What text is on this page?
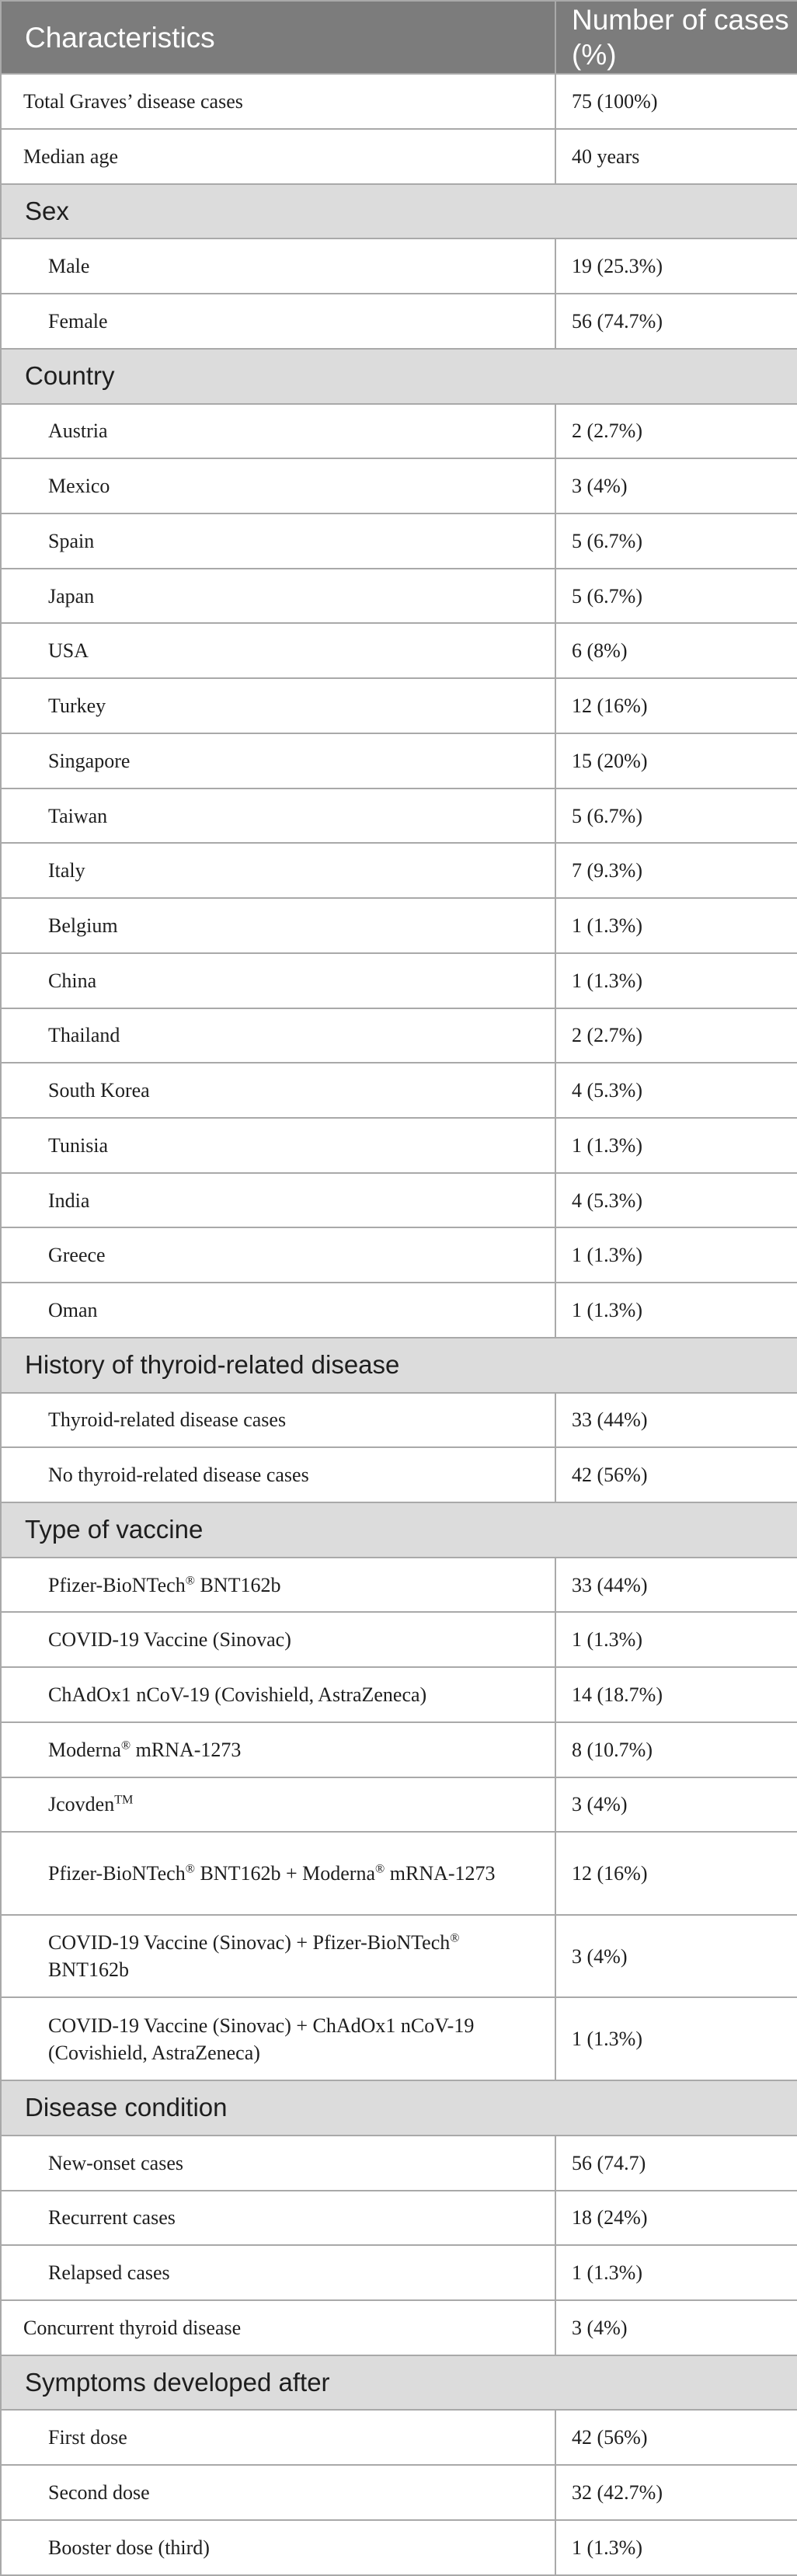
Characteristics	Number of cases (%)
Total Graves’ disease cases	75 (100%)
Median age	40 years
Sex	
Male	19 (25.3%)
Female	56 (74.7%)
Country	
Austria	2 (2.7%)
Mexico	3 (4%)
Spain	5 (6.7%)
Japan	5 (6.7%)
USA	6 (8%)
Turkey	12 (16%)
Singapore	15 (20%)
Taiwan	5 (6.7%)
Italy	7 (9.3%)
Belgium	1 (1.3%)
China	1 (1.3%)
Thailand	2 (2.7%)
South Korea	4 (5.3%)
Tunisia	1 (1.3%)
India	4 (5.3%)
Greece	1 (1.3%)
Oman	1 (1.3%)
History of thyroid-related disease	
Thyroid-related disease cases	33 (44%)
No thyroid-related disease cases	42 (56%)
Type of vaccine	
Pfizer-BioNTech® BNT162b	33 (44%)
COVID-19 Vaccine (Sinovac)	1 (1.3%)
ChAdOx1 nCoV-19 (Covishield, AstraZeneca)	14 (18.7%)
Moderna® mRNA-1273	8 (10.7%)
Jcovden™	3 (4%)
Pfizer-BioNTech® BNT162b + Moderna® mRNA-1273	12 (16%)
COVID-19 Vaccine (Sinovac) + Pfizer-BioNTech® BNT162b	3 (4%)
COVID-19 Vaccine (Sinovac) + ChAdOx1 nCoV-19 (Covishield, AstraZeneca)	1 (1.3%)
Disease condition	
New-onset cases	56 (74.7)
Recurrent cases	18 (24%)
Relapsed cases	1 (1.3%)
Concurrent thyroid disease	3 (4%)
Symptoms developed after	
First dose	42 (56%)
Second dose	32 (42.7%)
Booster dose (third)	1 (1.3%)
